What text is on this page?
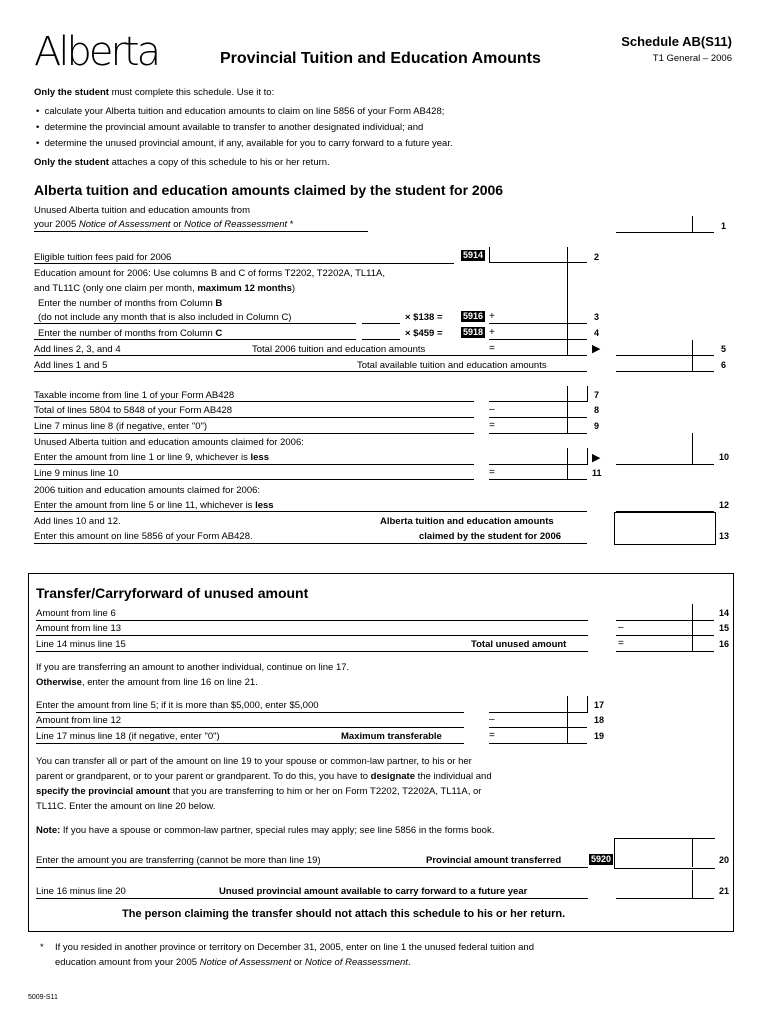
Alberta	Provincial Tuition and Education Amounts
Schedule AB(S11)
T1 General – 2006
Only the student must complete this schedule. Use it to:
•  calculate your Alberta tuition and education amounts to claim on line 5856 of your Form AB428;
•  determine the provincial amount available to transfer to another designated individual; and
•  determine the unused provincial amount, if any, available for you to carry forward to a future year.
Only the student attaches a copy of this schedule to his or her return.
Alberta tuition and education amounts claimed by the student for 2006
Unused Alberta tuition and education amounts from
your 2005 Notice of Assessment or Notice of Reassessment *	1
Eligible tuition fees paid for 2006	5914	2
Education amount for 2006: Use columns B and C of forms T2202, T2202A, TL11A,
and TL11C (only one claim per month, maximum 12 months)
Enter the number of months from Column B
(do not include any month that is also included in Column C)	× $138 = 5916 +	3
Enter the number of months from Column C	× $459 = 5918 +	4
Add lines 2, 3, and 4	Total 2006 tuition and education amounts	=	▶	5
Add lines 1 and 5	Total available tuition and education amounts	6
Taxable income from line 1 of your Form AB428	7
Total of lines 5804 to 5848 of your Form AB428	–	8
Line 7 minus line 8 (if negative, enter "0")	=	9
Unused Alberta tuition and education amounts claimed for 2006:
Enter the amount from line 1 or line 9, whichever is less	▶	10
Line 9 minus line 10	=	11
2006 tuition and education amounts claimed for 2006:
Enter the amount from line 5 or line 11, whichever is less	12
Add lines 10 and 12.
Enter this amount on line 5856 of your Form AB428.
Alberta tuition and education amounts
claimed by the student for 2006	13
Transfer/Carryforward of unused amount
Amount from line 6	14
Amount from line 13	–	15
Line 14 minus line 15	Total unused amount	=	16
If you are transferring an amount to another individual, continue on line 17.
Otherwise, enter the amount from line 16 on line 21.
Enter the amount from line 5; if it is more than $5,000, enter $5,000	17
Amount from line 12	–	18
Line 17 minus line 18 (if negative, enter "0")	Maximum transferable	=	19
You can transfer all or part of the amount on line 19 to your spouse or common-law partner, to his or her
parent or grandparent, or to your parent or grandparent. To do this, you have to designate the individual and
specify the provincial amount that you are transferring to him or her on Form T2202, T2202A, TL11A, or
TL11C. Enter the amount on line 20 below.
Note: If you have a spouse or common-law partner, special rules may apply; see line 5856 in the forms book.
Enter the amount you are transferring (cannot be more than line 19)	Provincial amount transferred	5920	20
Line 16 minus line 20	Unused provincial amount available to carry forward to a future year	21
The person claiming the transfer should not attach this schedule to his or her return.
* If you resided in another province or territory on December 31, 2005, enter on line 1 the unused federal tuition and
education amount from your 2005 Notice of Assessment or Notice of Reassessment.
5009-S11
